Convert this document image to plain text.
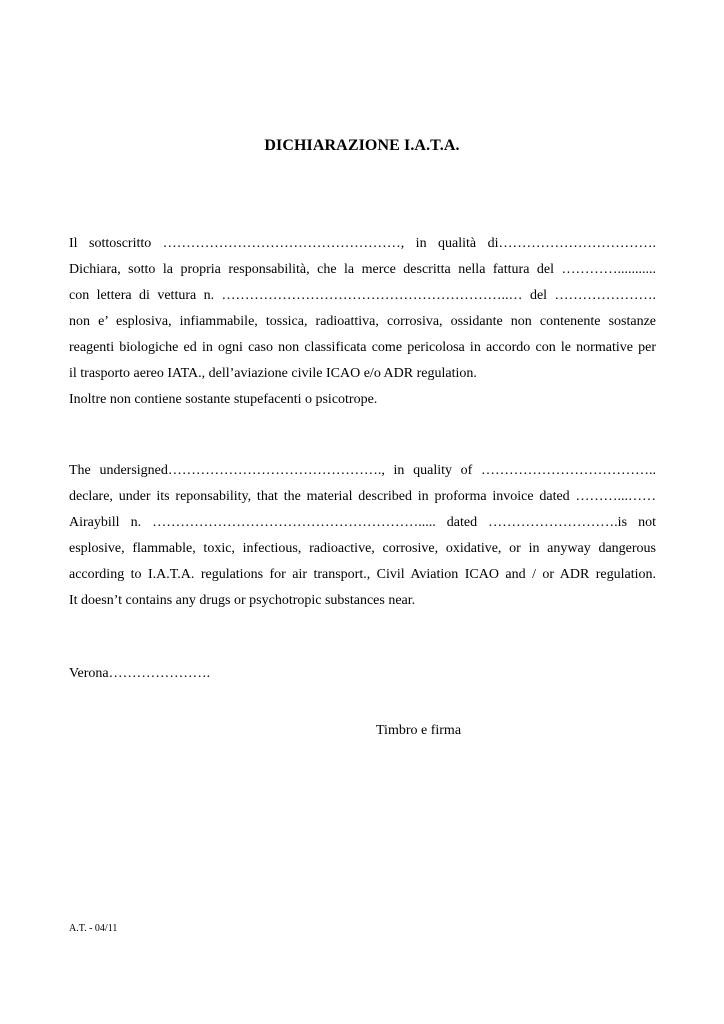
DICHIARAZIONE I.A.T.A.
Il sottoscritto ……………………………………………, in qualità di…………………………….
Dichiara, sotto la propria responsabilità, che la merce descritta nella fattura del …………...........
con lettera di vettura n. ……………………………………………………..… del ………………….
non e’ esplosiva, infiammabile, tossica, radioattiva, corrosiva, ossidante non contenente sostanze
reagenti biologiche ed in ogni caso non classificata come pericolosa in accordo con le normative per
il trasporto aereo IATA., dell’aviazione civile ICAO e/o ADR regulation.
Inoltre non contiene sostante stupefacenti o psicotrope.
The undersigned………………………………………., in quality of ………………………………..
declare, under its reponsability, that the material described in proforma invoice dated ………...……
Airaybill n. …………………………………………………..... dated ……………………….is not
esplosive, flammable, toxic, infectious, radioactive, corrosive, oxidative, or in anyway dangerous
according to I.A.T.A. regulations for air transport., Civil Aviation ICAO and / or ADR regulation.
It doesn’t contains any drugs or psychotropic substances near.
Verona………………….
Timbro e firma
A.T. - 04/11
